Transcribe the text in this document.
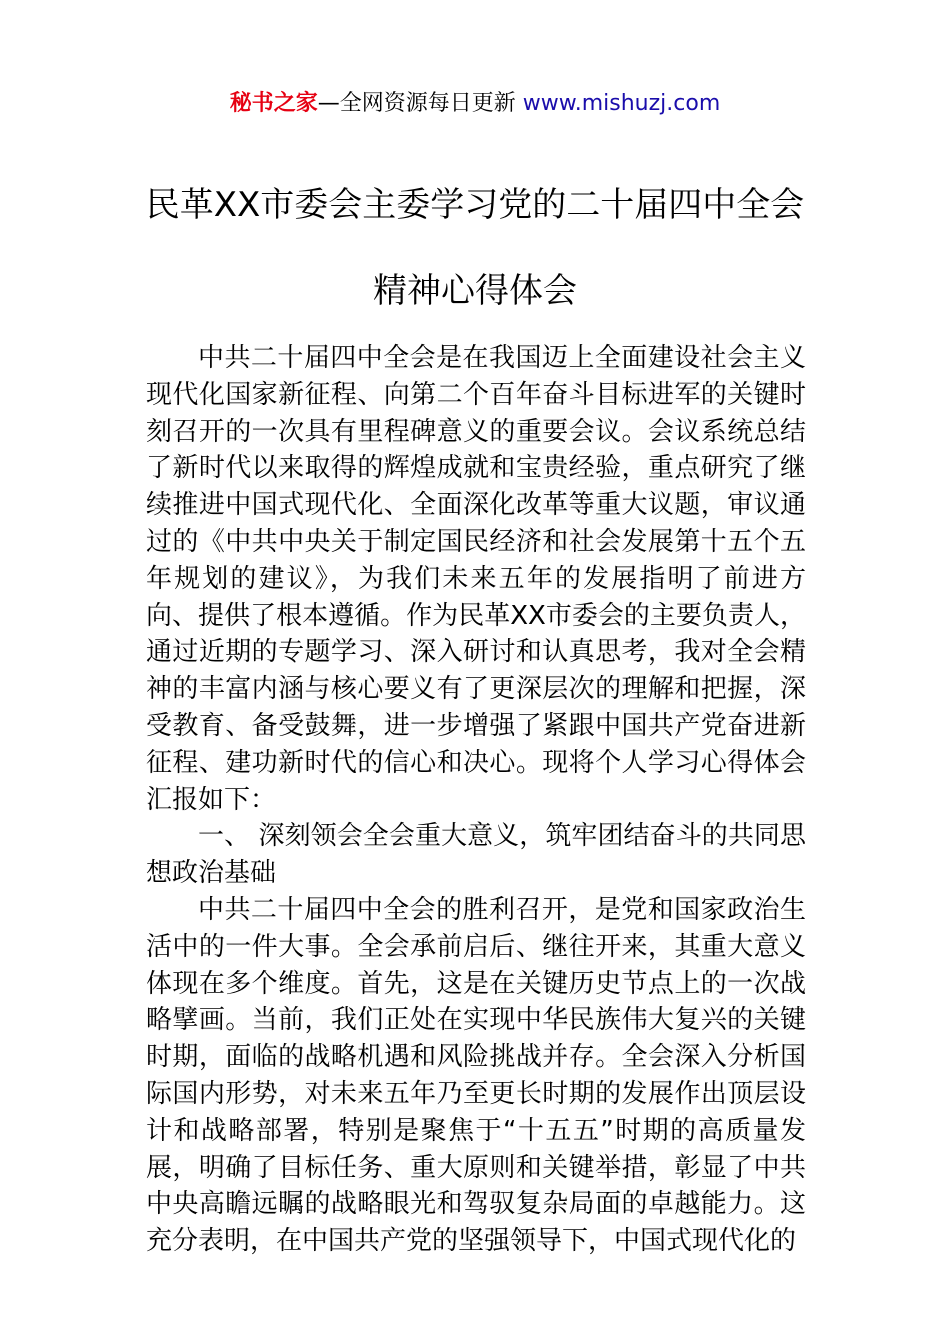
秘书之家—全网资源每日更新 www.mishuzj.com
民革XX市委会主委学习党的二十届四中全会精神心得体会

中共二十届四中全会是在我国迈上全面建设社会主义现代化国家新征程、向第二个百年奋斗目标进军的关键时刻召开的一次具有里程碑意义的重要会议。会议系统总结了新时代以来取得的辉煌成就和宝贵经验，重点研究了继续推进中国式现代化、全面深化改革等重大议题，审议通过的《中共中央关于制定国民经济和社会发展第十五个五年规划的建议》，为我们未来五年的发展指明了前进方向、提供了根本遵循。作为民革XX市委会的主要负责人，通过近期的专题学习、深入研讨和认真思考，我对全会精神的丰富内涵与核心要义有了更深层次的理解和把握，深受教育、备受鼓舞，进一步增强了紧跟中国共产党奋进新征程、建功新时代的信心和决心。现将个人学习心得体会汇报如下：

一、 深刻领会全会重大意义，筑牢团结奋斗的共同思想政治基础

中共二十届四中全会的胜利召开，是党和国家政治生活中的一件大事。全会承前启后、继往开来，其重大意义体现在多个维度。首先，这是在关键历史节点上的一次战略擘画。当前，我们正处在实现中华民族伟大复兴的关键时期，面临的战略机遇和风险挑战并存。全会深入分析国际国内形势，对未来五年乃至更长时期的发展作出顶层设计和战略部署，特别是聚焦于“十五五”时期的高质量发展，明确了目标任务、重大原则和关键举措，彰显了中共中央高瞻远瞩的战略眼光和驾驭复杂局面的卓越能力。这充分表明，在中国共产党的坚强领导下，中国式现代化的
